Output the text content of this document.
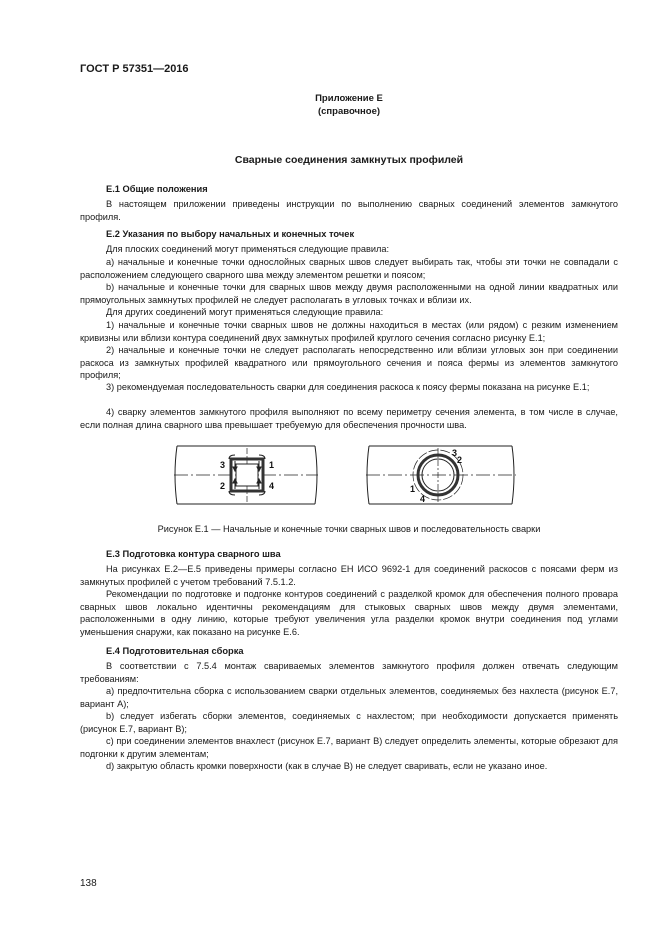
ГОСТ Р 57351—2016
Приложение Е
(справочное)
Сварные соединения замкнутых профилей
Е.1 Общие положения
В настоящем приложении приведены инструкции по выполнению сварных соединений элементов замкнутого профиля.
Е.2 Указания по выбору начальных и конечных точек
Для плоских соединений могут применяться следующие правила:
а) начальные и конечные точки однослойных сварных швов следует выбирать так, чтобы эти точки не совпадали с расположением следующего сварного шва между элементом решетки и поясом;
b) начальные и конечные точки для сварных швов между двумя расположенными на одной линии квадратных или прямоугольных замкнутых профилей не следует располагать в угловых точках и вблизи их.
Для других соединений могут применяться следующие правила:
1) начальные и конечные точки сварных швов не должны находиться в местах (или рядом) с резким изменением кривизны или вблизи контура соединений двух замкнутых профилей круглого сечения согласно рисунку Е.1;
2) начальные и конечные точки не следует располагать непосредственно или вблизи угловых зон при соединении раскоса из замкнутых профилей квадратного или прямоугольного сечения и пояса фермы из элементов замкнутого профиля;
3) рекомендуемая последовательность сварки для соединения раскоса к поясу фермы показана на рисунке Е.1;
4) сварку элементов замкнутого профиля выполняют по всему периметру сечения элемента, в том числе в случае, если полная длина сварного шва превышает требуемую для обеспечения прочности шва.
3	1
2	4
3
2
1
4
Рисунок Е.1 — Начальные и конечные точки сварных швов и последовательность сварки
Е.3 Подготовка контура сварного шва
На рисунках Е.2—Е.5 приведены примеры согласно ЕН ИСО 9692-1 для соединений раскосов с поясами ферм из замкнутых профилей с учетом требований 7.5.1.2.
Рекомендации по подготовке и подгонке контуров соединений с разделкой кромок для обеспечения полного провара сварных швов локально идентичны рекомендациям для стыковых сварных швов между двумя элементами, расположенными в одну линию, которые требуют увеличения угла разделки кромок внутри соединения под углами уменьшения снаружи, как показано на рисунке Е.6.
Е.4 Подготовительная сборка
В соответствии с 7.5.4 монтаж свариваемых элементов замкнутого профиля должен отвечать следующим требованиям:
а) предпочтительна сборка с использованием сварки отдельных элементов, соединяемых без нахлеста (рисунок Е.7, вариант А);
b) следует избегать сборки элементов, соединяемых с нахлестом; при необходимости допускается применять (рисунок Е.7, вариант В);
с) при соединении элементов внахлест (рисунок Е.7, вариант В) следует определить элементы, которые обрезают для подгонки к другим элементам;
d) закрытую область кромки поверхности (как в случае В) не следует сваривать, если не указано иное.
138
